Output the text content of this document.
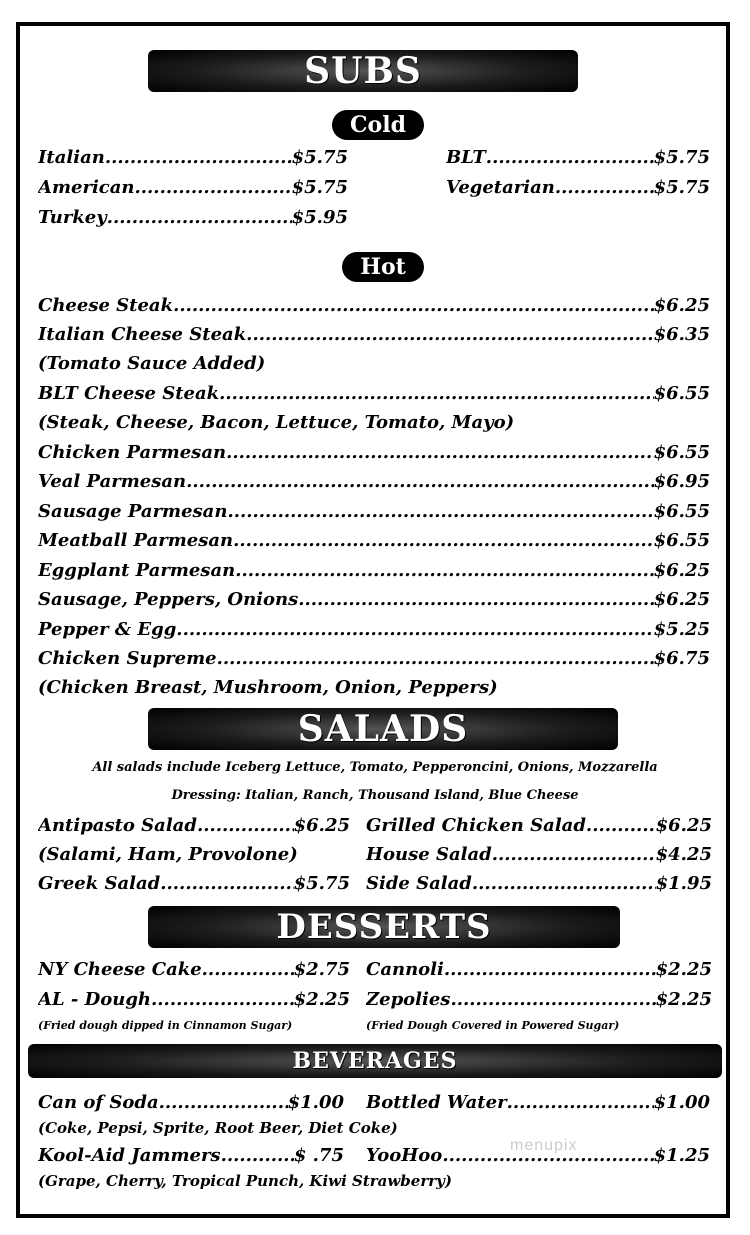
SUBS
Cold
Italian .....	$5.75
American .....	$5.75
Turkey .....	$5.95
BLT .....	$5.75
Vegetarian .....	$5.75
Hot
Cheese Steak .....	$6.25
Italian Cheese Steak .....	$6.35
(Tomato Sauce Added)
BLT Cheese Steak .....	$6.55
(Steak, Cheese, Bacon, Lettuce, Tomato, Mayo)
Chicken Parmesan .....	$6.55
Veal Parmesan .....	$6.95
Sausage Parmesan .....	$6.55
Meatball Parmesan .....	$6.55
Eggplant Parmesan .....	$6.25
Sausage, Peppers, Onions .....	$6.25
Pepper & Egg .....	$5.25
Chicken Supreme .....	$6.75
(Chicken Breast, Mushroom, Onion, Peppers)
SALADS
All salads include Iceberg Lettuce, Tomato, Pepperoncini, Onions, Mozzarella
Dressing: Italian, Ranch, Thousand Island, Blue Cheese
Antipasto Salad .....	$6.25
(Salami, Ham, Provolone)
Greek Salad .....	$5.75
Grilled Chicken Salad .....	$6.25
House Salad .....	$4.25
Side Salad .....	$1.95
DESSERTS
NY Cheese Cake .....	$2.75
AL - Dough .....	$2.25
(Fried dough dipped in Cinnamon Sugar)
Cannoli .....	$2.25
Zepolies .....	$2.25
(Fried Dough Covered in Powered Sugar)
BEVERAGES
Can of Soda .....	$1.00 Bottled Water .....	$1.00
(Coke, Pepsi, Sprite, Root Beer, Diet Coke)
Kool-Aid Jammers .....	$ .75 YooHoo .....	$1.25
(Grape, Cherry, Tropical Punch, Kiwi Strawberry)
menupix
